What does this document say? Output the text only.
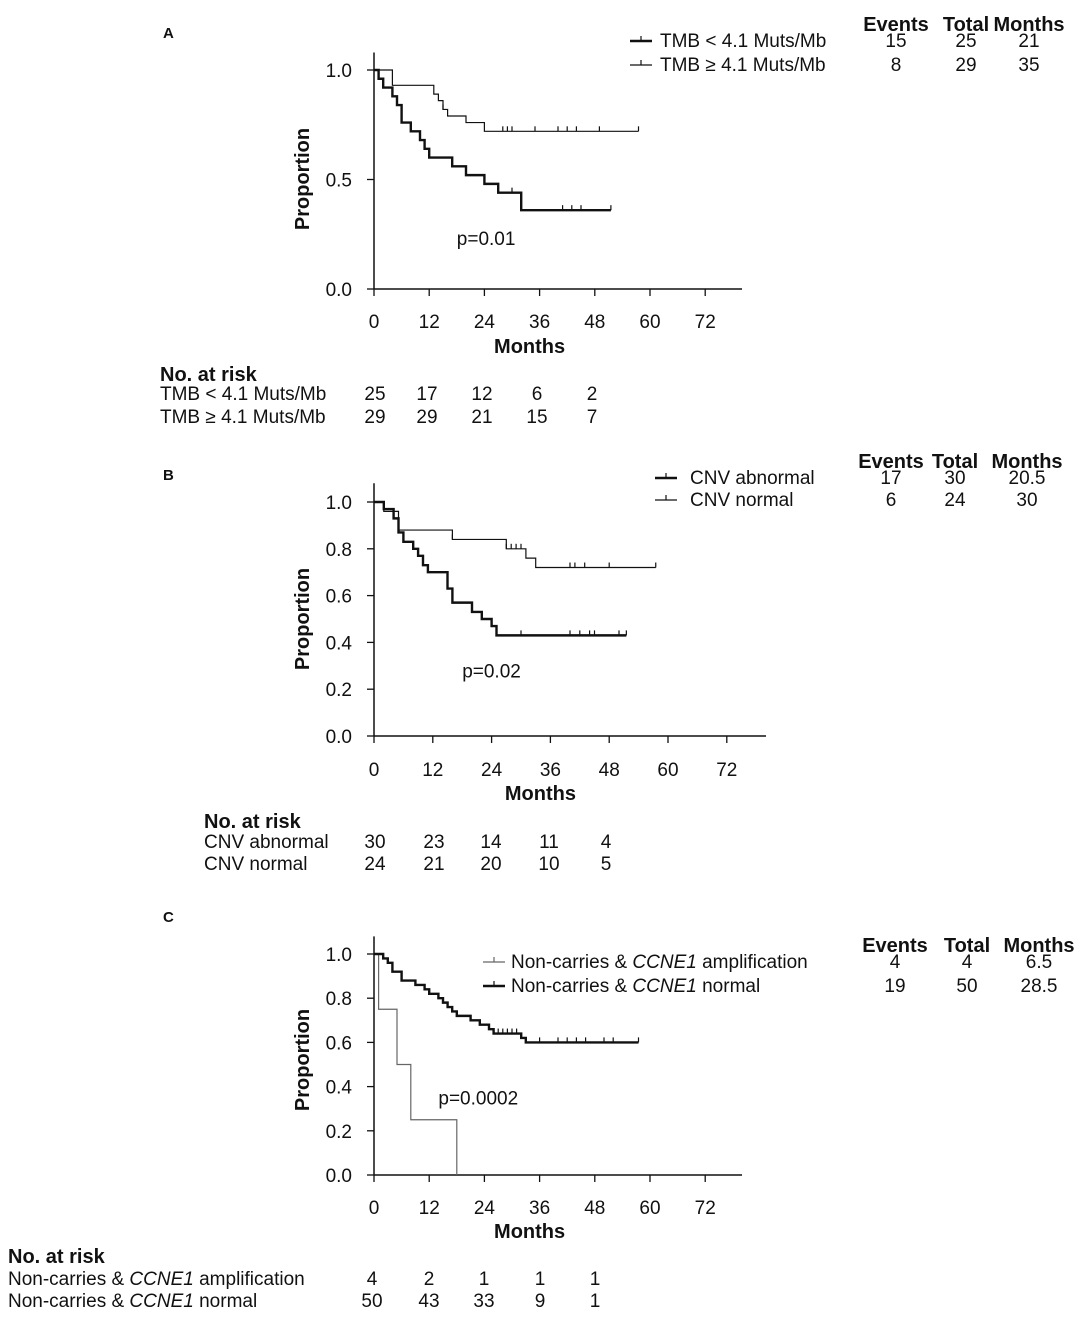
A
0 12 24 36 48 60 72
0.0
0.5
1.0
Months
Proportion
p=0.01
Events Total Months
TMB < 4.1 Muts/Mb	15	25 21
TMB ≥ 4.1 Muts/Mb	8	29 35
No. at risk
TMB < 4.1 Muts/Mb 25 17 12 6 2
TMB ≥ 4.1 Muts/Mb 29 29 21 15 7
B
0 12 24 36 48 60 72
0.0
0.2
0.4
0.6
0.8
1.0
Months
Proportion
p=0.02
Events Total Months
CNV abnormal	17 30 20.5
CNV normal	6	24	30
No. at risk
CNV abnormal 30 23 14 11 4
CNV normal	24 21 20 10 5
C
0 12 24 36 48 60 72
0.0
0.2
0.4
0.6
0.8
1.0
Months
Proportion	p=0.0002
Events Total Months
Non-carries & CCNE1 amplification	4	4	6.5
Non-carries & CCNE1 normal	19	50 28.5
No. at risk
Non-carries & CCNE1 amplification	4 2 1 1 1
Non-carries & CCNE1 normal	50 43 33 9 1
